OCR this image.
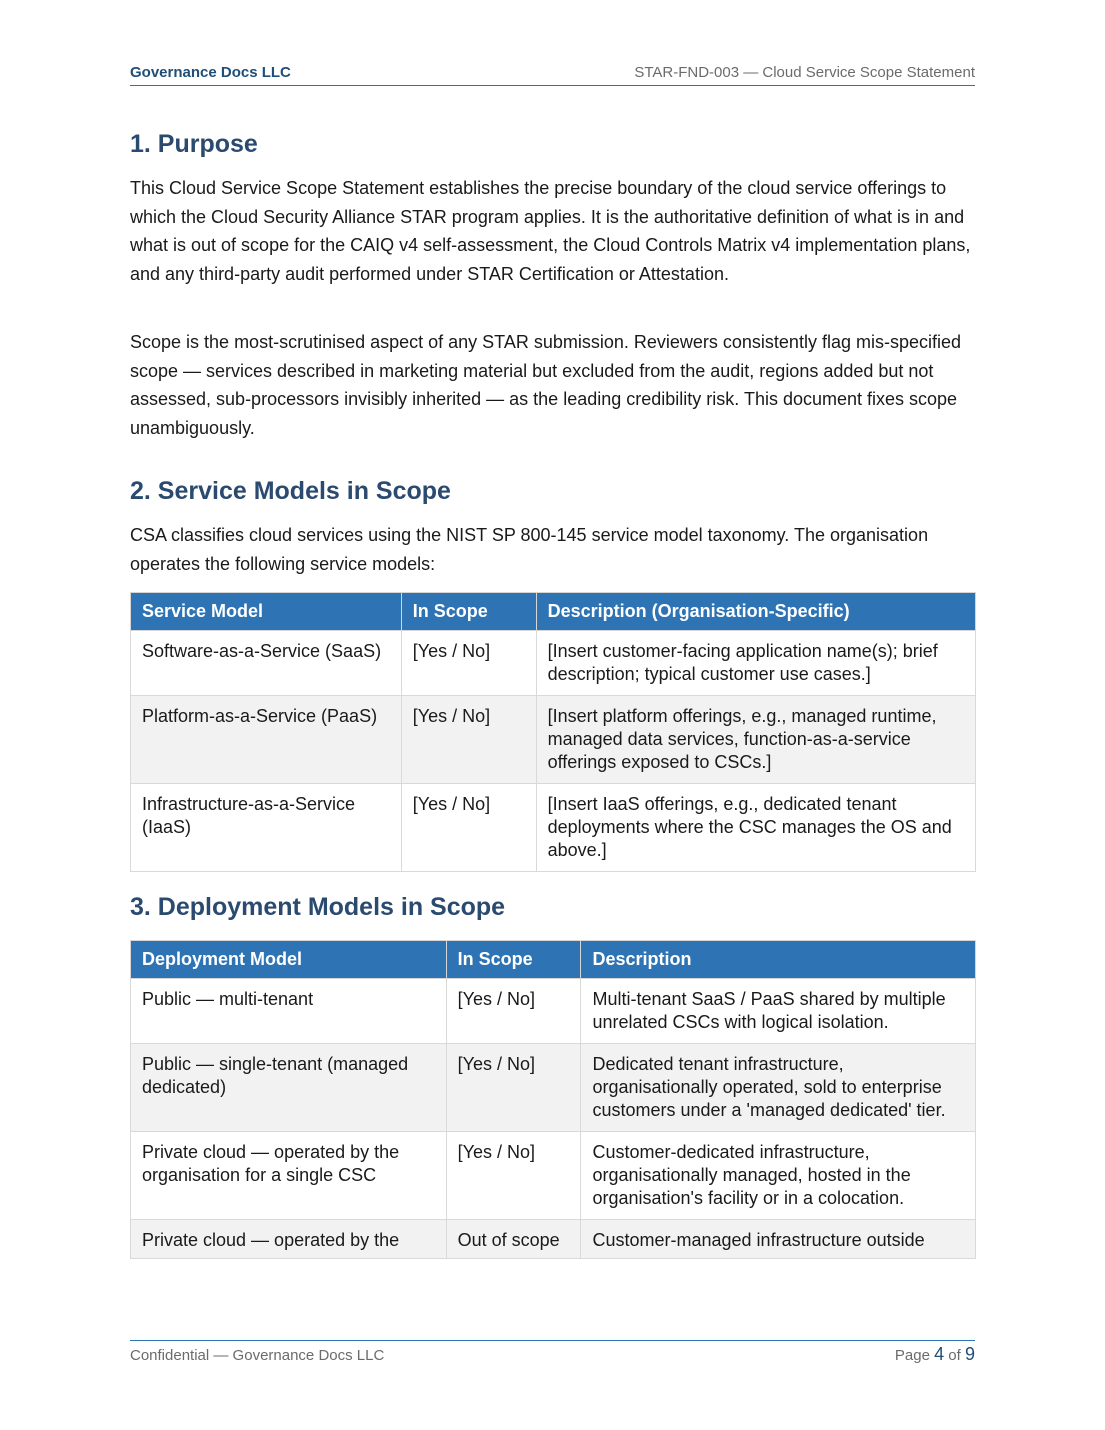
Governance Docs LLC	STAR-FND-003 — Cloud Service Scope Statement
1. Purpose

This Cloud Service Scope Statement establishes the precise boundary of the cloud service offerings to which the Cloud Security Alliance STAR program applies. It is the authoritative definition of what is in and what is out of scope for the CAIQ v4 self-assessment, the Cloud Controls Matrix v4 implementation plans, and any third-party audit performed under STAR Certification or Attestation.

Scope is the most-scrutinised aspect of any STAR submission. Reviewers consistently flag mis-specified scope — services described in marketing material but excluded from the audit, regions added but not assessed, sub-processors invisibly inherited — as the leading credibility risk. This document fixes scope unambiguously.

2. Service Models in Scope

CSA classifies cloud services using the NIST SP 800-145 service model taxonomy. The organisation operates the following service models:

Service Model	In Scope	Description (Organisation-Specific)
Software-as-a-Service (SaaS)	[Yes / No]	[Insert customer-facing application name(s); brief description; typical customer use cases.]
Platform-as-a-Service (PaaS)	[Yes / No]	[Insert platform offerings, e.g., managed runtime, managed data services, function-as-a-service offerings exposed to CSCs.]
Infrastructure-as-a-Service (IaaS)	[Yes / No]	[Insert IaaS offerings, e.g., dedicated tenant deployments where the CSC manages the OS and above.]
3. Deployment Models in Scope
Deployment Model	In Scope	Description
Public — multi-tenant	[Yes / No]	Multi-tenant SaaS / PaaS shared by multiple unrelated CSCs with logical isolation.
Public — single-tenant (managed dedicated)	[Yes / No]	Dedicated tenant infrastructure, organisationally operated, sold to enterprise customers under a 'managed dedicated' tier.
Private cloud — operated by the organisation for a single CSC	[Yes / No]	Customer-dedicated infrastructure, organisationally managed, hosted in the organisation's facility or in a colocation.
Private cloud — operated by the	Out of scope	Customer-managed infrastructure outside
Confidential — Governance Docs LLC	Page 4 of 9
